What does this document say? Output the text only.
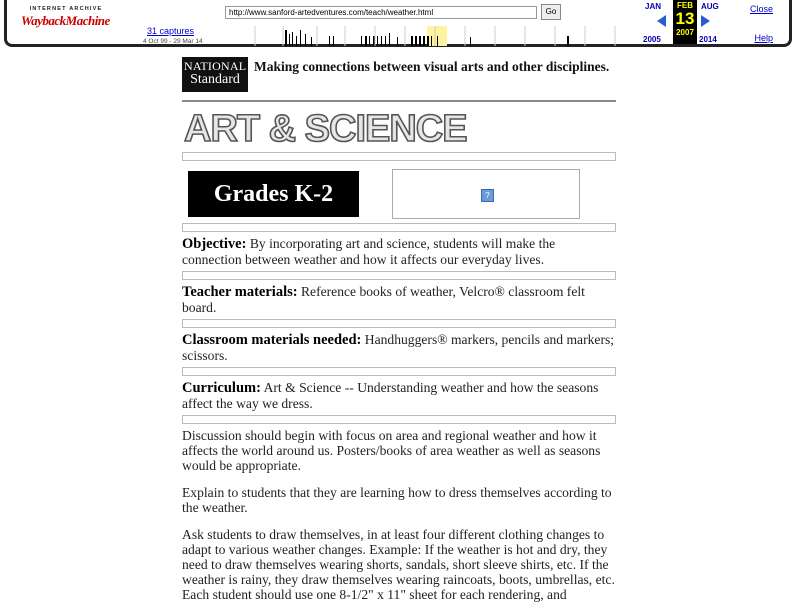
INTERNET ARCHIVE
WaybackMachine
31 captures
4 Oct 99 - 29 Mar 14
http://www.sanford-artedventures.com/teach/weather.html
Go
JAN
2005
FEB
13
2007
AUG
2014
Close
Help
NATIONAL
Standard
Making connections between visual arts and other disciplines.
ART & SCIENCE
Grades K-2	?

Objective: By incorporating art and science, students will make the connection between weather and how it affects our everyday lives.

Teacher materials: Reference books of weather, Velcro® classroom felt board.

Classroom materials needed: Handhuggers® markers, pencils and markers; scissors.

Curriculum: Art & Science -- Understanding weather and how the seasons affect the way we dress.

Discussion should begin with focus on area and regional weather and how it affects the world around us. Posters/books of area weather as well as seasons would be appropriate.

Explain to students that they are learning how to dress themselves according to the weather.

Ask students to draw themselves, in at least four different clothing changes to adapt to various weather changes. Example: If the weather is hot and dry, they need to draw themselves wearing shorts, sandals, short sleeve shirts, etc. If the weather is rainy, they draw themselves wearing raincoats, boots, umbrellas, etc. Each student should use one 8-1/2" x 11" sheet for each rendering, and
